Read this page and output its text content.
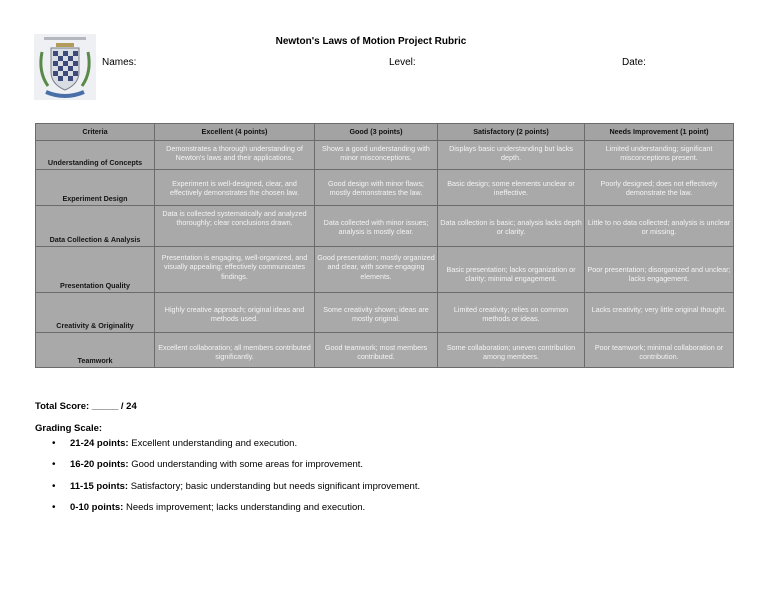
Newton's Laws of Motion Project Rubric
Names:	Level:	Date:
Criteria	Excellent (4 points)	Good (3 points)	Satisfactory (2 points)	Needs Improvement (1 point)
Understanding of Concepts	Demonstrates a thorough understanding of Newton's laws and their applications.	Shows a good understanding with minor misconceptions.	Displays basic understanding but lacks depth.	Limited understanding; significant misconceptions present.
Experiment Design	Experiment is well-designed, clear, and effectively demonstrates the chosen law.	Good design with minor flaws; mostly demonstrates the law.	Basic design; some elements unclear or ineffective.	Poorly designed; does not effectively demonstrate the law.
Data Collection & Analysis	Data is collected systematically and analyzed thoroughly; clear conclusions drawn.	Data collected with minor issues; analysis is mostly clear.	Data collection is basic; analysis lacks depth or clarity.	Little to no data collected; analysis is unclear or missing.
Presentation Quality	Presentation is engaging, well-organized, and visually appealing; effectively communicates findings.	Good presentation; mostly organized and clear, with some engaging elements.	Basic presentation; lacks organization or clarity; minimal engagement.	Poor presentation; disorganized and unclear; lacks engagement.
Creativity & Originality	Highly creative approach; original ideas and methods used.	Some creativity shown; ideas are mostly original.	Limited creativity; relies on common methods or ideas.	Lacks creativity; very little original thought.
Teamwork	Excellent collaboration; all members contributed significantly.	Good teamwork; most members contributed.	Some collaboration; uneven contribution among members.	Poor teamwork; minimal collaboration or contribution.
Total Score: _____ / 24
Grading Scale:
• 21-24 points: Excellent understanding and execution.
• 16-20 points: Good understanding with some areas for improvement.
• 11-15 points: Satisfactory; basic understanding but needs significant improvement.
• 0-10 points: Needs improvement; lacks understanding and execution.
